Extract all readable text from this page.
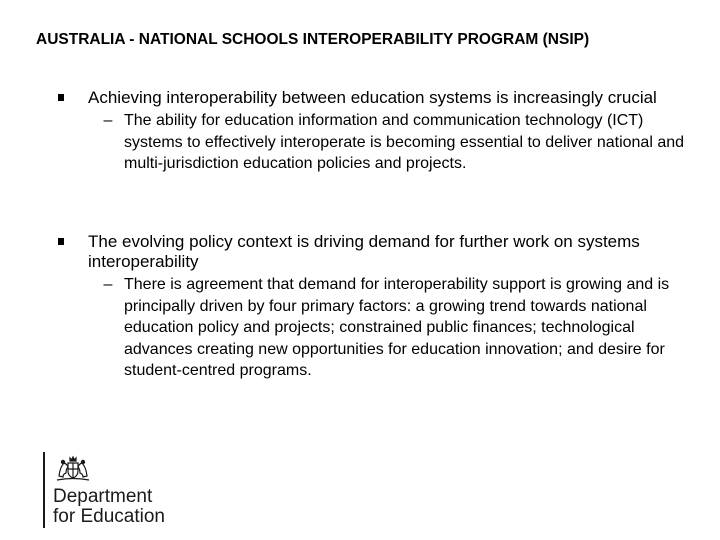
AUSTRALIA - NATIONAL SCHOOLS INTEROPERABILITY PROGRAM (NSIP)
Achieving interoperability between education systems is increasingly crucial
– The ability for education information and communication technology (ICT) systems to effectively interoperate is becoming essential to deliver national and multi-jurisdiction education policies and projects.
The evolving policy context is driving demand for further work on systems interoperability
– There is agreement that demand for interoperability support is growing and is principally driven by four primary factors: a growing trend towards national education policy and projects; constrained public finances; technological advances creating new opportunities for education innovation; and desire for student-centred programs.
Department
for Education
